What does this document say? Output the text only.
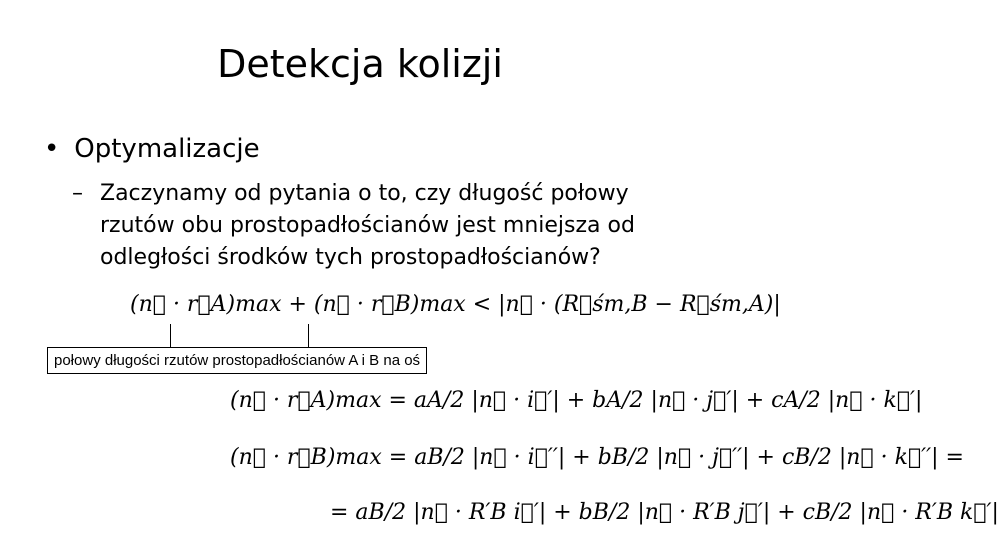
Detekcja kolizji
• Optymalizacje
– Zaczynamy od pytania o to, czy długość połowy rzutów obu prostopadłościanów jest mniejsza od odległości środków tych prostopadłościanów?
(n⃗ · r⃗A)max + (n⃗ · r⃗B)max < |n⃗ · (R⃗śm,B − R⃗śm,A)|
połowy długości rzutów prostopadłościanów A i B na oś
(n⃗ · r⃗A)max = aA/2 |n⃗ · i⃗′| + bA/2 |n⃗ · j⃗′| + cA/2 |n⃗ · k⃗′|
(n⃗ · r⃗B)max = aB/2 |n⃗ · i⃗′′| + bB/2 |n⃗ · j⃗′′| + cB/2 |n⃗ · k⃗′′| =
= aB/2 |n⃗ · R′B i⃗′| + bB/2 |n⃗ · R′B j⃗′| + cB/2 |n⃗ · R′B k⃗′|
